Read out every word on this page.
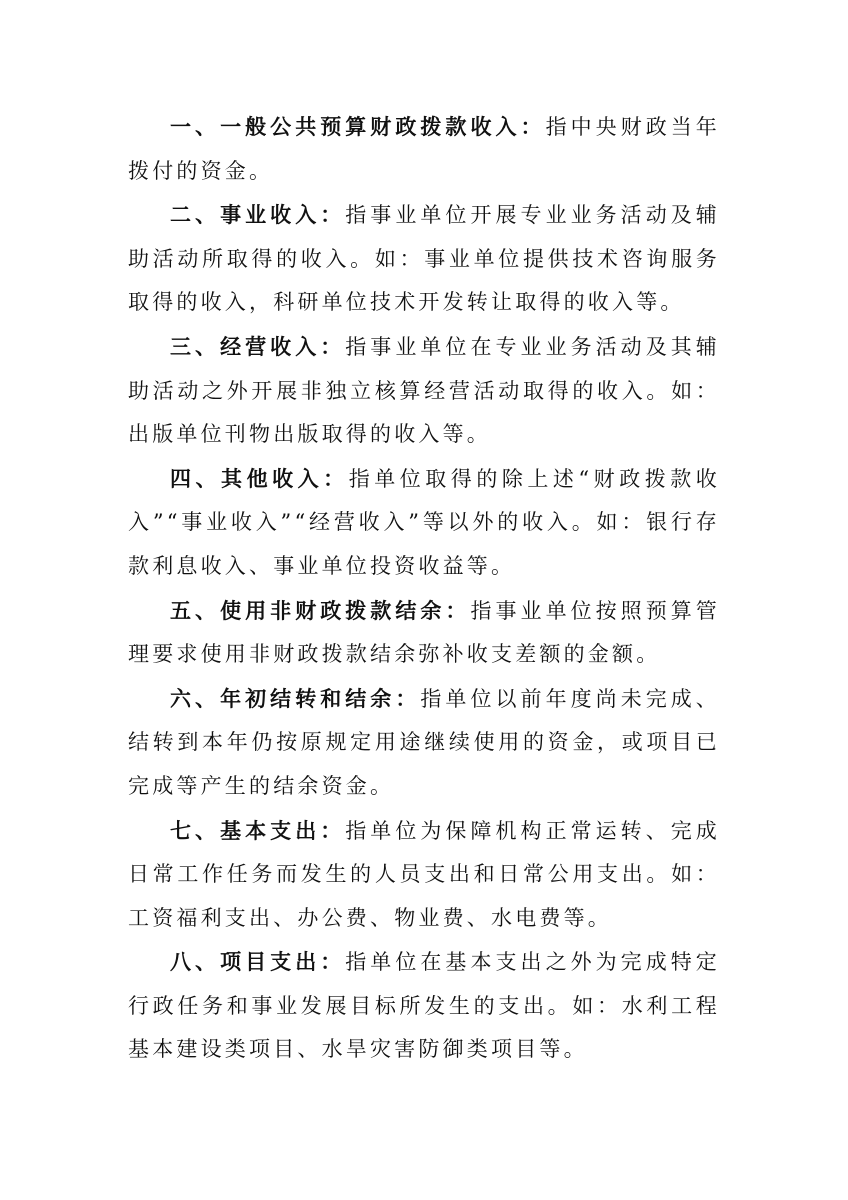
一、一般公共预算财政拨款收入：指中央财政当年拨付的资金。

二、事业收入：指事业单位开展专业业务活动及辅助活动所取得的收入。如：事业单位提供技术咨询服务取得的收入，科研单位技术开发转让取得的收入等。

三、经营收入：指事业单位在专业业务活动及其辅助活动之外开展非独立核算经营活动取得的收入。如：出版单位刊物出版取得的收入等。

四、其他收入：指单位取得的除上述“财政拨款收入”“事业收入”“经营收入”等以外的收入。如：银行存款利息收入、事业单位投资收益等。

五、使用非财政拨款结余：指事业单位按照预算管理要求使用非财政拨款结余弥补收支差额的金额。

六、年初结转和结余：指单位以前年度尚未完成、结转到本年仍按原规定用途继续使用的资金，或项目已完成等产生的结余资金。

七、基本支出：指单位为保障机构正常运转、完成日常工作任务而发生的人员支出和日常公用支出。如：工资福利支出、办公费、物业费、水电费等。

八、项目支出：指单位在基本支出之外为完成特定行政任务和事业发展目标所发生的支出。如：水利工程基本建设类项目、水旱灾害防御类项目等。
